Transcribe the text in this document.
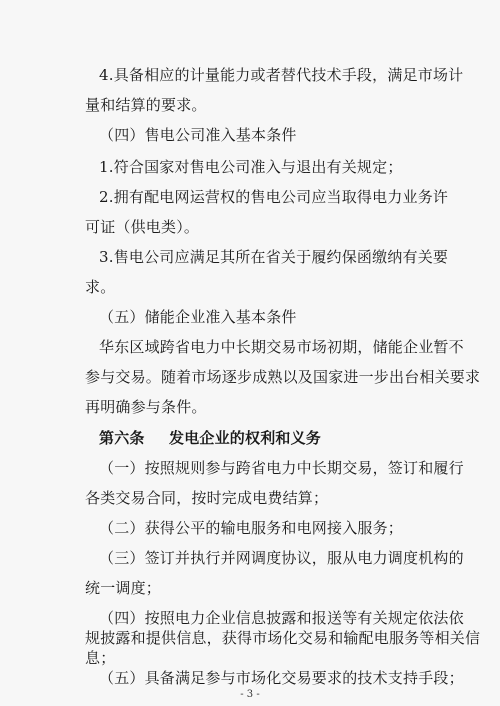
4.具备相应的计量能力或者替代技术手段，满足市场计
量和结算的要求。
（四）售电公司准入基本条件
1.符合国家对售电公司准入与退出有关规定；
2.拥有配电网运营权的售电公司应当取得电力业务许
可证（供电类）。
3.售电公司应满足其所在省关于履约保函缴纳有关要
求。
（五）储能企业准入基本条件
华东区域跨省电力中长期交易市场初期，储能企业暂不
参与交易。随着市场逐步成熟以及国家进一步出台相关要求
再明确参与条件。
第六条	发电企业的权利和义务
（一）按照规则参与跨省电力中长期交易，签订和履行
各类交易合同，按时完成电费结算；
（二）获得公平的输电服务和电网接入服务；
（三）签订并执行并网调度协议，服从电力调度机构的
统一调度；
（四）按照电力企业信息披露和报送等有关规定依法依
规披露和提供信息，获得市场化交易和输配电服务等相关信
息；
（五）具备满足参与市场化交易要求的技术支持手段；
- 3 -
